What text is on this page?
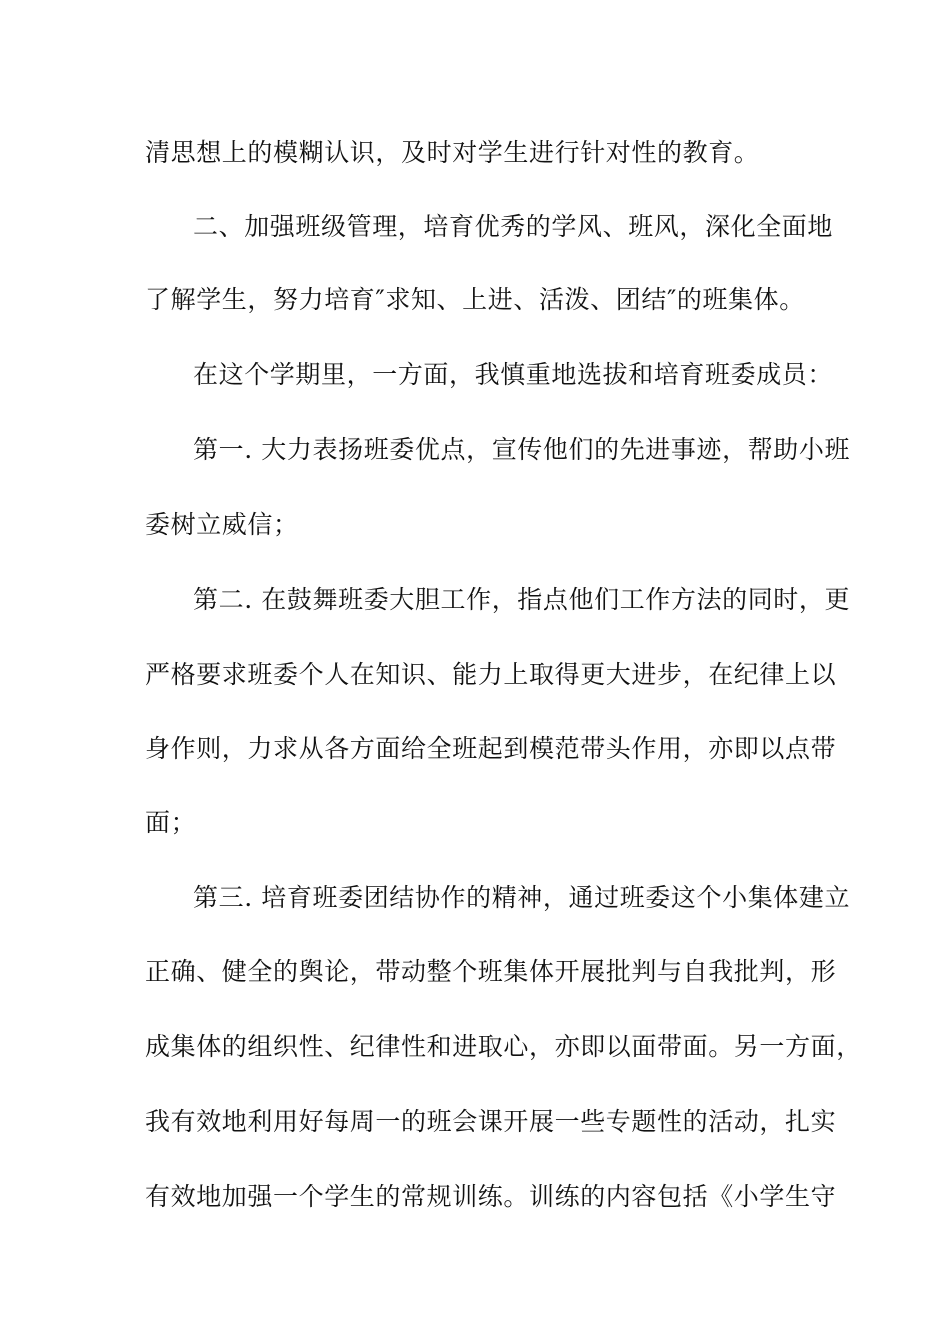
清思想上的模糊认识，及时对学生进行针对性的教育。
二、加强班级管理，培育优秀的学风、班风，深化全面地
了解学生，努力培育″求知、上进、活泼、团结″的班集体。
在这个学期里，一方面，我慎重地选拔和培育班委成员：
第一. 大力表扬班委优点，宣传他们的先进事迹，帮助小班
委树立威信；
第二. 在鼓舞班委大胆工作，指点他们工作方法的同时，更
严格要求班委个人在知识、能力上取得更大进步，在纪律上以
身作则，力求从各方面给全班起到模范带头作用，亦即以点带
面；
第三. 培育班委团结协作的精神，通过班委这个小集体建立
正确、健全的舆论，带动整个班集体开展批判与自我批判，形
成集体的组织性、纪律性和进取心，亦即以面带面。另一方面，
我有效地利用好每周一的班会课开展一些专题性的活动，扎实
有效地加强一个学生的常规训练。训练的内容包括《小学生守
